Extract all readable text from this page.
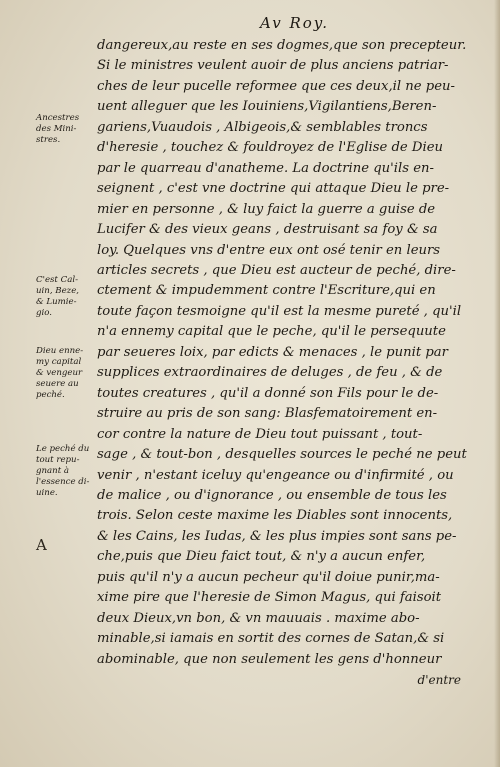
Av Roy.
Ancestres
des Mini-
stres.
C'est Cal-
uin, Beze,
& Lumie-
gio.
Dieu enne-
my capital
& vengeur
seuere au
peché.
Le peché du
tout repu-
gnant à
l'essence di-
uine.
A
dangereux,au reste en ses dogmes,que son precepteur.
Si le ministres veulent auoir de plus anciens patriar-
ches de leur pucelle reformee que ces deux,il ne peu-
uent alleguer que les Iouiniens,Vigilantiens,Beren-
gariens,Vuaudois , Albigeois,& semblables troncs
d'heresie , touchez & fouldroyez de l'Eglise de Dieu
par le quarreau d'anatheme. La doctrine qu'ils en-
seignent , c'est vne doctrine qui attaque Dieu le pre-
mier en personne , & luy faict la guerre a guise de
Lucifer & des vieux geans , destruisant sa foy & sa
loy. Quelques vns d'entre eux ont osé tenir en leurs
articles secrets , que Dieu est aucteur de peché, dire-
ctement & impudemment contre l'Escriture,qui en
toute façon tesmoigne qu'il est la mesme pureté , qu'il
n'a ennemy capital que le peche, qu'il le persequute
par seueres loix, par edicts & menaces , le punit par
supplices extraordinaires de deluges , de feu , & de
toutes creatures , qu'il a donné son Fils pour le de-
struire au pris de son sang: Blasfematoirement en-
cor contre la nature de Dieu tout puissant , tout-
sage , & tout-bon , desquelles sources le peché ne peut
venir , n'estant iceluy qu'engeance ou d'infirmité , ou
de malice , ou d'ignorance , ou ensemble de tous les
trois. Selon ceste maxime les Diables sont innocents,
& les Cains, les Iudas, & les plus impies sont sans pe-
che,puis que Dieu faict tout, & n'y a aucun enfer,
puis qu'il n'y a aucun pecheur qu'il doiue punir,ma-
xime pire que l'heresie de Simon Magus, qui faisoit
deux Dieux,vn bon, & vn mauuais . maxime abo-
minable,si iamais en sortit des cornes de Satan,& si
abominable, que non seulement les gens d'honneur
d'entre
